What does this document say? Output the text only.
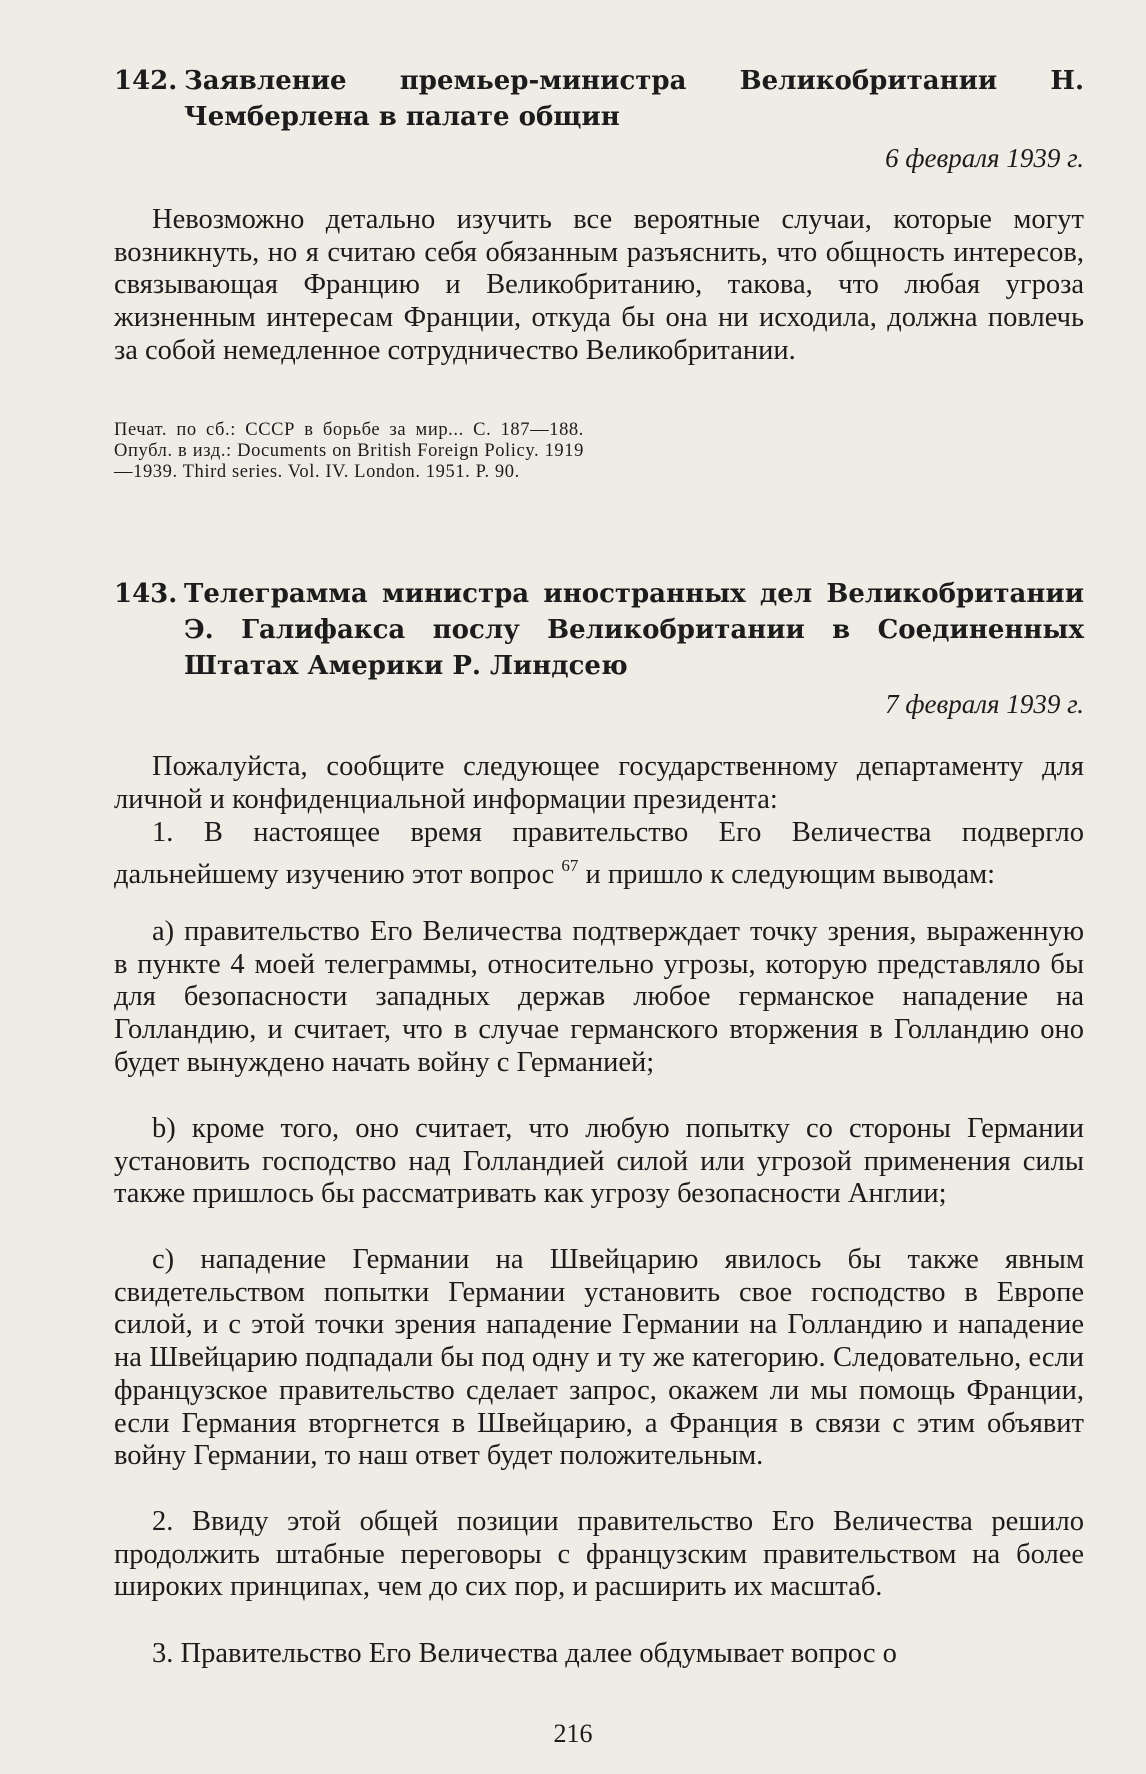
142. Заявление премьер-министра Великобритании Н. Чемберлена в палате общин
6 февраля 1939 г.

Невозможно детально изучить все вероятные случаи, которые могут возникнуть, но я считаю себя обязанным разъяснить, что общность интересов, связывающая Францию и Великобританию, такова, что любая угроза жизненным интересам Франции, откуда бы она ни исходила, должна повлечь за собой немедленное сотрудничество Великобритании.

Печат. по сб.: СССР в борьбе за мир... С. 187—188. Опубл. в изд.: Documents on British Foreign Policy. 1919—1939. Third series. Vol. IV. London. 1951. P. 90.
143. Телеграмма министра иностранных дел Великобритании Э. Галифакса послу Великобритании в Соединенных Штатах Америки Р. Линдсею
7 февраля 1939 г.

Пожалуйста, сообщите следующее государственному департаменту для личной и конфиденциальной информации президента:

1. В настоящее время правительство Его Величества подвергло дальнейшему изучению этот вопрос $^{67}$ и пришло к следующим выводам:

a) правительство Его Величества подтверждает точку зрения, выраженную в пункте 4 моей телеграммы, относительно угрозы, которую представляло бы для безопасности западных держав любое германское нападение на Голландию, и считает, что в случае германского вторжения в Голландию оно будет вынуждено начать войну с Германией;

b) кроме того, оно считает, что любую попытку со стороны Германии установить господство над Голландией силой или угрозой применения силы также пришлось бы рассматривать как угрозу безопасности Англии;

c) нападение Германии на Швейцарию явилось бы также явным свидетельством попытки Германии установить свое господство в Европе силой, и с этой точки зрения нападение Германии на Голландию и нападение на Швейцарию подпадали бы под одну и ту же категорию. Следовательно, если французское правительство сделает запрос, окажем ли мы помощь Франции, если Германия вторгнется в Швейцарию, а Франция в связи с этим объявит войну Германии, то наш ответ будет положительным.

2. Ввиду этой общей позиции правительство Его Величества решило продолжить штабные переговоры с французским правительством на более широких принципах, чем до сих пор, и расширить их масштаб.

3. Правительство Его Величества далее обдумывает вопрос о

216
